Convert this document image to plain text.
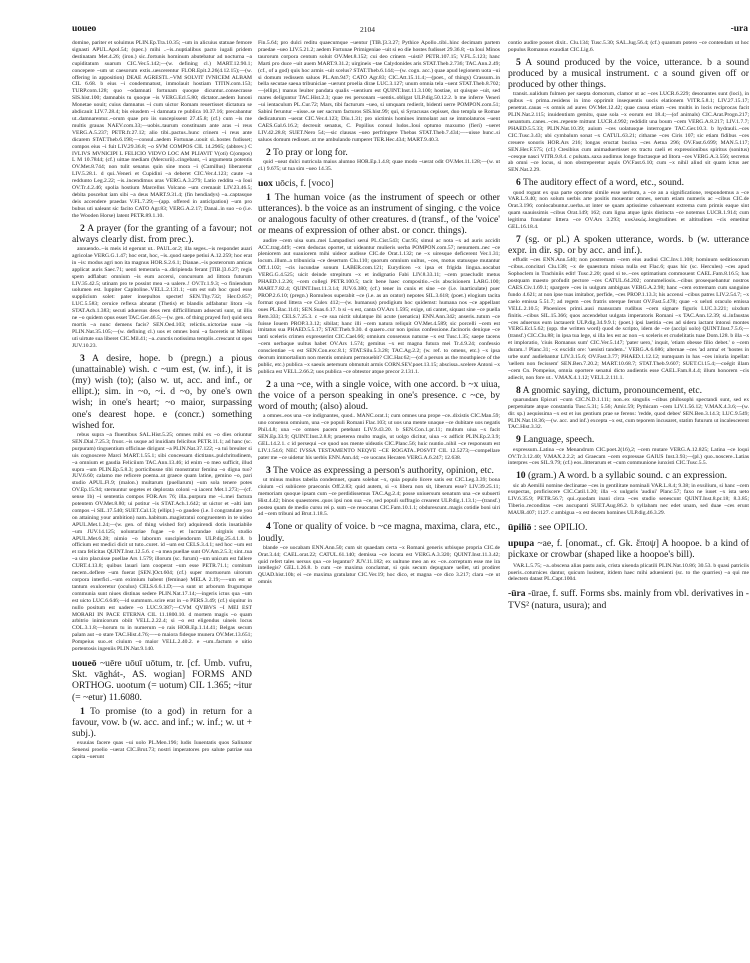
uoueo	2104	-ura

domine, pariter et soluimus PLIN.Ep.Tra.10.35; ~um in alicuius statuae femore signasti APUL.Apol.54; (spec.) mihi ..~is..nuptialibus pacto iugali pridem destinatam Met.4.26; (iron.) sic..fortunis hominum abutebatur ad nocturna ~a cupiditatum suarum CIC.Ver.5.142;—(w. defining cl.) MART.12.90.1; concepere ~um ut caesorum extis..uescerentur FLOR.Epit.2.26(4.12.15);—(w. offering in apposition) DEAE AGRESTI..~VM SOLVIT IVNICEM ALBAM CIL 6.68. b eius ~i condemnatust, immolauit hostiam TITIN.com.153; TURP.com.128; quo ~odamnati fortunam quoque dicuntur..consecrasse SIS.hist.100; damnabis tu quoque ~is VERG.Ecl.5.80; dictator..aedem Iunoni Monetae uouit; cuius damnatus ~i cum uictor Romam reuertisset dictatura se abdicauit LIV.7.28.4; bis eiusdem ~i damnata re publica 10.37.16; precabantur ut..damnarentur..~orum quae pro iis suscepissent 27.45.8; (cf.) cum ~is me multis grauas NAEV.com.33;—uobis..taurum constituam ante aras ~i reus VERG.A.5.237; PETR.fr.27.12; alio tibi..pactus..hunc crinem ~i reus ante dicarem STAT.Theb.6.198;—consul..aedem Fortunae..uouit si..hostes fudisset; compos eius ~i fuit LIV.29.36.8; ~o SVM COMPOS CIL 14.2965; (abbrev.) C IVLIVS MVNICIPI L FELICIO VIDVO LOC AM PLIAVIT V(oti) C(ompos) L M 10.7844; (cf.) uittae mediam (Mercurii)..cingebant, ~i argumenta potentis OV.Met.8.744; non tulit senatus quin sine mora ~i (Camillus) liberaretur LIV.5.28.1. d qui..Veneri et Cupidini ~a deberet CIC.Ver.4.123; caute ~a reddunto Leg.2.22; ~is..incendimus aras VERG.A.3.279; Latio reddita ~a Ioui OV.Tr.4.2.46; spolia hostium Marcellus Volcano ~um cremauit LIV.23.46.5; debita poscebat iam sibi ~a deus MART.9.31.4; (fin hendiadys) ~a..captasque deis accendere praedas V.FL.7.29;—(app. offered in anticipation) ~um pro bubus uti ualeant sic facito CATO Agr.83; VERG.A.2.17; Danai..in suo ~o (i.e. the Wooden Horse) latent PETR.89.1.10.

2 A prayer (for the granting of a favour; not always clearly dist. from prec.).

annuendo..~is meis id egerunt ut.. PAUL.or.2; illa seges..~is respondet auari agricolae VERG.G.1.47; hoc erat, hoc, ~is..quod saepe petiui A.12.259; hoc erat in ~is: modus agri non ita magnus HOR.S.2.6.1; Dianae..~is posterorum amicas applicat auris Saec.71; uenti temeraria ~a..diripienda ferant [TIB.]3.6.27; regis spem adflabat: omnium ~is eum accersi, concursum ad littora futurum LIV.35.42.5; utinam pro te possint mea ~a ualere..! OV.Tr.1.9.3; ~o finiendum uolumen est. Iuppiter Capitoline..VELL.2.131.1; ~um est sub hoc quod esse supplicium solet: pater insepultos spectet! SEN.Thy.732; Her.O.857; LUC.5.583; ceruice reflexa abnatat (Thetis) et blandis adfabatur litora ~is STAT.Ach.1.383; secuti aduersus deos rem difficillimam adsecuti sunt, ut illis ne ~o quidem opus esset TAC.Ger.46.5;—(w. gen. of thing prayed for) quid sera mortis ~a nunc demens facis? SEN.Oed.103; relictis..uictoriae suae ~is PLIN.Nat.35.105;—(w. defining cl.) uos et omnes boni ~a faceretis ut Miloni uti uirtute sua liberet CIC.Mil.41; ~a..cunctis notissima templis..crescant ut opes JUV.10.23.

3 A desire, hope. b (pregn.) a pious (unattainable) wish. c ~um est, (w. inf.), it is (my) wish (to); (also w. ut, acc. and inf., or ellipt.); sim. in ~o, ~i. d ~o, by one's own wish; in one's heart; ~o maior, surpassing one's dearest hope. e (concr.) something wished for.

rebus supra ~a fluentibus SAL.Hist.5.25; omnes mihi ex ~o dies oriuntur SEN.Dial.7.25.3; fruor..~is usque ad inuidiam felicibus PETR.11.1; ad hanc (sc. purpuram) tinguentium officinae dirigunt ~a PLIN.Nat.37.122; ~a tui breuiter si uis cognoscere Marci MART.1.55.1; sibi concessam dictitans..pulchritudinem, ~a omnium et gaudia Feliciium TAC.Ann.13.46; id enim ~o meo sufficit, illud supra ~um PLIN.Ep.5.8.3; porticibusne tibi monstratur femina ~o digna tuo? JUV.6.60; calamo me reficere poema..ut graece quam latine, gemino ~o, pari studio APUL.Fl.9; (malon.) multarum (puellarum) ~um sola tenere potes OV.Ep.15.94; sternuntur segetes et deplorata coloni ~a iacent Met.1.273;—(cf. sense 1b) ~i sententia compos FOR.Ars 76; illa..purpura me ~i..mei factura potentem OV.Met.8.80; ui potitur ~is STAT.Ach.1.642; ut uictor et ~alti iam compos ~i SIL.17.540; SUET.Cal.13; (ellipt.) ~o gaudeo (i.e. I congratulate you on attaining your ambition) nam..habitum..magistratui congruentem in te uideo APUL.Met.1.24;—(w. gen. of thing wished for) adquirendi dotis insatiabile ~um JUV.14.125; uoluntariae fugae ~o et lucrandae uirginis studio APUL.Met.6.28; nimio ~o laborum suscipiendorum ULP.dig.25.4.1.8. b officium est medici dicit ut tuto..curet. id ~um est CELS.3.4.1; sed hoc ~um est et rara felicitas QUINT.Inst.12.5.6. c ~a mea puellae sunt OV.Am.2.5.3; sint..tua ~a uiro placuisse puellae Ars 1.579; illorum (sc. furum) ~um unicum est fallere CURT.4.13.8; quibus lauari iam cooperat ~um esse PETR.71.1; comitum necem..deflere ~um fuerat [SEN.]Oct.604; (cf.) super mortuorum uirorum corpora interfici..~um eximium habent (feminae) MELA 2.19;—~um est ut tantum exulceretur (oculus) CELS.6.6.1.D;—~a sunt ut arborum frugumque communia sunt niues distinas sedere PLIN.Nat.17.14;—ingeris ictus qua ~um est uicto LUC.6.646;—id summum..scire erat in ~o PERS.3.49; (cf.) siquitur in nullo positum est uadere ~o LUC.9.387;—CVM QVIBVS ~I MEI EST MORARI IN PACE ETERNA CIL 11.1800.10. d mortem magis ~o quam arbitrio inimicorum obiit VELL.2.22.4; si ~o est eligendus uineis locus COL.3.1.8;—horum tu in numerum ~o rais HOR.Ep.1.14.41; Belgas secum palam aut ~o stare TAC.Hist.4.76;—~o maiora fideque munera OV.Met.13.651; Pompeius suo..et ciuium ~o maior VELL.2.40.2. e ~um..factum e uitio portentosis ingeniis PLIN.Nat.9.140.

uoueō ~uēre uōuī uōtum, tr. [cf. Umb. vufru, Skt. vāghát-, AS. wogian] FORMS AND ORTHOG. uootum (= uotum) CIL 1.365; ~itur (= ~etur) 11.6080.

1 To promise (to a god) in return for a favour, vow. b (w. acc. and inf.; w. inf.; w. ut + subj.).

exuuias facere quas ~ui uolo PL.Men.196; ludis Iuuentatis quos Salinator Senensi proelio ~uerat CIC.Brut.73; nostri imperatores pro salute patriae sua capita ~uerunt

Fin.5.64; pro dulci reditu quaecumque ~uentur [TIB.]3.3.27; Pythice Apollo..tibi..hinc decimam partem praedae ~ueo LIV.5.21.2; aedem Fortunae Primigeniae ~uit si eo die hostes fudisset 29.36.8; ~ta Ioui Minos taurorum corpora centum soluit OV.Met.8.152; cui deo crinem ~uisti? PETR.107.15; V.FL.5.123; hanc Marti pro duce ~uit auem MART.9.31.2; uirgineis ~tae Calydonides aris STAT.Theb.2.736; TAC.Ann.2.49; (cf., of a god) quis hoc armis ~uit scelus? STAT.Theb.6.144;—(w. cogn. acc.) quae apud legionem uota ~ui si domum redissem saluos PL.Am.947; CATO Agr.83; CIC.Att.15.11.4;—(poet., of things) Crassum..in bella secutae saeua tribuniciae ~uerunt proelia dirae LUC.3.127; unum omnia tela ~uent STAT.Theb.8.702;—(ellipt.) manus leuiter pandata qualis ~uentium est QUINT.Inst.11.3.100; hostiae, ut quisque ~uit, sed mares deliguntur TAC.Hist.2.3; quae res personam ~uentis..obligat ULP.dig.50.12.2. b me inferre Veneri ~ui ientaculum PL.Cur.72; Mars, tibi facturum ~ueo, si umquam redierit, bidenti uerre POMPON.com.51; Sabini feruntur ~uisse..se uer sacrum facturos SIS.hist.99; qui, si Syracusas cepisset, duo templa se Romae dedicaturum ~uerat CIC.Ver.4.123; Diu.1.31; pro uictimis homines immolant aut se immolaturos ~uent CAES.Gal.6.16.2; decreuit senatus, C. Popilius consul ludos..Ioui optumo maxumo (fieri) ~ueret LIV.42.28.8; SUET.Nero 54;—sic clausas ~ueo perfringere Thebas STAT.Theb.7.434;—~uisse hunc..si saluos domum redisset..ut me ambulando rumperet TER.Hec.434; MART.9.40.3.

2 To pray or long for.

quid ~ueat dulci nutricula maius alumno HOR.Ep.1.4.8; quae modo ~uerat odit OV.Met.11.128;—(w. ut cl.) 9.675; ut tua sim ~ueo 14.35.

uox uōcis, f. [voco]

1 The human voice (as the instrument of speech or other utterances). b the voice as an instrument of singing. c the voice or analogous faculty of other creatures. d (transf., of the 'voice' or means of expression of other abst. or concr. things).

audire ~cem uisa sum..mei Lampadisci serui PL.Cist.543; Cur.95; simul ac nota ~x ad auris accidit ACC.trag.449; ~cem deducas oportet, ut uideantur mulieris uerba POMPON.com.57; nenumem..nec ~ce pleniorem aut suauiorem mihi uideor audisse CIC.de Orat.1.132; ne ~x uiresque deficerent Ver.1.31; locum..illum..a tribunicia ~ce desertum Clu.110; quorum omnium uultus, ~ces, motus statusque mutantur Off.1.102; ~cis iucundae sonum LABER.com.121; Eurydicen ~x ipsa et frigida lingua..uocabat VERG.G.4.525; uicit deinde strepitum ~x et indignatio Fabi LIV.8.33.11; ~cem praecludit metus PHAED.1.2.26; ~cem collegi PETR.100.5; tacit bene haec compositio..~cis abscisionem LARG.100; MART.7.82.4; QUINT.Inst.11.3.14; JUV.6.380; (cf.) tener in cunis et sine ~ce (i.e. inarticulate) puer PROP.2.6.10; (pregn.) Romuleos superabit ~ce (i.e. as an orator) nepotes SIL.3.618; (poet.) elogium tacita format quod littera ~ce Culex 412;—(w. humanus) prodigium hoc quidemst: humana nos ~ce appellant oues PL.Bac.1141; SEN.Suas.6.17. b si ~x est, canta OV.Ars 1.595; exige, uti cantet, siquast sine ~ce puella Rem.333; CELS.7.25.3. c ~ce sua nictit ululatque ibi acute (uenatica) ENN.Ann.342; anseris..tutum ~ce fuisse Iouem PROP.3.3.12; sibilat; hanc illi ~cem natura reliquit OV.Met.4.589; sic porcelli ~cem est imitatus sua PHAED.5.5.17; STAT.Theb.9.30. d quaero..cur non ipsius confessione..facinoris denique ~ce tanti sceleris crimen expresserint CIC.Cael.66; omnium consensus naturae ~x est Tusc.1.35; saepe tacens ~cem uerbaque uultus habet OV.Ars 1.574; gemitus ~x est magna futura mei Tr.4.9.24; confessio conscientiae ~x est SEN.Con.exc.8.1; STAT.Silu.5.3.28; TAC.Ag.2.2; (w. ref. to omens, etc.) ~x ipsa deorum immortalium non mentis omnium permouebit? CIC.Har.62;—(of a person as the mouthpiece of the public, etc.) publica ~x saeuis aeternum obmutuit armis CORN.SEV.poet.13.15; abscissa..scelere Antoni ~x publica est VELL.2.66.2; uos publica ~ce obtestor atque precor 2.131.1.

2 a una ~ce, with a single voice, with one accord. b ~x uiua, the voice of a person speaking in one's presence. c ~ce, by word of mouth; (also) aloud.

a omnes..eos una ~ce indignantes, quod.. MANC.orat.1; cum omnes una prope ~ce..dixistis CIC.Man.59; uno consensu omnium, una ~ce populi Romani Flac.103; ut uos una mente unaque ~ce dubitare uos negatis Phil.4.8; una ~ce omnes pacem petebant LIV.9.43.20. b SEN.Con.1.pr.11; multum uiua ~x facit SEN.Ep.33.9; QUINT.Inst.2.8.8; praeterea multo magis, ut uolgo dicitur, uiua ~x adficit PLIN.Ep.2.3.9; GEL.14.2.1. c id persequi ~ce quod uos mente uideatis CIC.Planc.56; huic nuntio..nihil ~ce responsum est LIV.1.54.6; NEC IVSSA TESTAMENTO NEQVE ~CE ROGATA..POSVIT CIL 12.5273;—compellare pater me ~ce uidetur his uerbis ENN.Ann.44; ~ce uocans Hecaten VERG.A.6.247; 12.638.

3 The voice as expressing a person's authority, opinion, etc.

ut minus multos tabella condemnet, quam solebat ~x, quia populo licere satis est CIC.Leg.3.39; bona ciuium ~ci subiicere praeconis Off.2.83; quid autem, si ~x libera non sit, liberum esse? LIV.39.25.11; memoriam quoque ipsam cum ~ce perdidissemus TAC.Ag.2.4; posse uniuersum senatum una ~ce subuerti Hist.4.42; binos quaestores..quos ipsi non sua ~ce, sed populi suffragio crearent ULP.dig.1.13.1;—(transf.) postea quam de medio cursu rei p. sum ~ce reuocatus CIC.Fam.10.1.1; obdurescunt..magis cotidie boni uiri ad ~cem tribuni ad Brut.1.18.5.

4 Tone or quality of voice. b ~ce magna, maxima, clara, etc., loudly.

blande ~ce uocabam ENN.Ann.50; cum sit quaedam certa ~x Romani generis urbisque propria CIC.de Orat.3.44; CAEL.orat.22; CATUL.61.140; demissa ~ce locuta est VERG.A.3.320; QUINT.Inst.11.3.42; quid refert tales uersus qua ~ce legantur? JUV.11.182; ex uultune meo an ex ~ce..correptum esse me ira intellegis? GEL.1.26.8. b cum ~ce maxima conclamat, si quis secum depugnare uellet, uti prodiret QUAD.hist.10b; ei ~ce maxima gratulatur CIC.Ver.19; hoc dico, et magna ~ce dico 3.217; clara ~ce ut omnis

contio audire posset dixit.. Clu.134; Tusc.5.30; SAL.Jug.56.4; (cf.) quantum potero ~ce contendam ut hoc populus Romanus exaudiat CIC.Lig.6.

5 A sound produced by the voice, utterance. b a sound produced by a musical instrument. c a sound given off or produced by other things.

transit..ualidum fulmen per saepta domorum, clamor ut ac ~ces LUCR.6.229; desonantes sunt (loci), in quibus ~x prima..residens in imo opprimit insequentis uocis elationem VITR.5.8.1; LIV.27.15.17; penetrat..cauas ~x omnis ad aures OV.Met.12.42; quae causa etiam ~ces multis in locis reciprocas facit PLIN.Nat.2.115; inuidentium gemitu, quae sola ~x eorum est 18.4;—(of animals) CIC.Arat.Progn.217; uenantum..canes..~ces..repente mittunt LUCR.4.992; reddidit una boum ~cem VERG.A.8.217; LIV.1.7.7; PHAED.5.5.33; PLIN.Nat.10.39; auium ~ces uolatusque interrogare TAC.Ger.10.3. b hydrauli..~ces CIC.Tusc.3.43; ubi cymbalum sonat ~x CATUL.63.21; citharae ~ces Ciris 107; sic etiam fidibus ~ces creuere sonoris HOR.Ars 216; longas eructat bucina ~ces Aetna 296; OV.Fast.6.699; MAN.5.117; SEN.Her.F.575; (cf.) Ctesibius cum animaduertisset ex tractu caeli et expressionibus spiritus (sonitus) ~cesque nasci VITR.9.8.4. c pulsata..saxa audimus longe fractasque ad litora ~ces VERG.A.3.556; secretus ab omni ~ce locus, si non obstreperetur aquis OV.Fast.6.10; cum ~x nihil aliud sit quam ictus aer SEN.Nat.2.29.

6 The auditory effect of a word, etc., sound.

quod rogant ex qua parte oporteat simile esse uerbum, a ~ce an a significatione, respondemus a ~ce VAR.L.9.40; non solum uerbis arte positis mouentur omnes, uerum etiam numeris ac ~cibus CIC.de Orat.3.196; conlocabuntur..uerba..ut inter se quam aptissime cohaereant extrema cum primis eaque sint quam suauissimis ~cibus Orat.149; 162; cum ligna atque ignis distincta ~ce notemus LUCR.1.914; cum legitima fraudatur littera ~ce OV.Ars 3.293; κυκλικώς..longitudines et altitudines ~cis emetitur GEL.16.18.4.

7 (sg. or pl.) A spoken utterance, words. b (w. utterance expr. in dir. sp. or by acc. and inf.).

effudit ~ces ENN.Ann.540; non postremam ~cem eius audiui CIC.Inv.1.108; hominum seditiosorum ~cibus..concitari Clu.138; ~x de quaestura missa nulla est Flac.6; quas hic (sc. Hercules) ~ces apud Sophoclem in Trachiniis edit! Tusc.2.20; quod si te..~ces optimatium commouent CAEL.Fam.8.16.5; has postquam maesto profudit pectore ~ces CATUL.64.202; contumeliosis..~cibus prosequebantur nostros CAES.Civ.1.69.1; spargere ~ces in uulgum ambiguas VERG.A.2.98; hanc ~cem extremam cum sanguine fundo 4.621; at non ipse tuas imitabor, perfide, ~ces PROP.1.13.3; his accensi ~cibus patres LIV.2.54.7; ~x caelo emissa 5.51.7; ad regem ~ces fratris uterque ferunt OV.Fast.5.478; quae ~x ueluti oraculo emissa VELL.2.10.5; Phoenices primi..ausi mansuram rudibus ~cem signare figuris LUC.3.221; uixdum finitis..~cibus SIL.15.366; quos accendebat uulgata imperatoris Romani ~x TAC.Ann.12.39; si..infaustas ~ces aduersus eum iactauerit ULP.dig.34.9.9.1; (poet.) ipsi laetitia ~ces ad sidera iactant intonsi montes VERG.Ecl.5.62; (opp. the written word) quod de scripto, idem de ~ce (accipi uolo) QUINT.Inst.7.5.6;—(transf.) CIC.Clu.88; in ipsa tua lege, si illa lex est ac non ~x sceleris et crudelitatis tuae Dom.128. b illa ~x et imploratio, 'ciuis Romanus sum' CIC.Ver.5.147; 'pater uero,' inquit, 'etiam obesse filio debet.' o ~cem duram..! Planc.31; ~x excidit ore: 'uenisti tandem..' VERG.A.6.686; alternae ~ces 'ad arma' et 'hostes in urbe sunt' audiebantur LIV.3.15.6; OV.Fast.3.77; PHAED.1.12.12; numquam in has ~ces iniuria inpellat: 'uellem non fecissem' SEN.Ben.7.20.2; MART.10.68.7; STAT.Theb.9.607; SUET.Cl.15.4;—coëgit illam ~cem Cn. Pompeius, omnia oportere senatui dicto audientis esse CAEL.Fam.8.4.4; illum honorem ~cis adiecit, non fore ut.. V.MAX.4.1.12; VELL.2.111.1.

8 A gnomic saying, dictum, pronouncement, etc.

quarundam Epicuri ~cum CIC.N.D.1.111; non..ex singulis ~cibus philosophi spectandi sunt, sed ex perpetuitate atque constantia Tusc.5.31; 5.56; Amic.59; Pythicam ~cem LIV.1.56.12; V.MAX.4.3.6;—(w. dir. sp.) aequissima ~x est et ius gentium prae se ferens: 'redde, quod debes' SEN.Ben.3.14.3; LUC.9.549; PLIN.Nat.18.36;—(w. acc. and inf.) excepta ~x est, cum teporem incusaret, statim futurum ut incalescerent TAC.Hist.3.32.

9 Language, speech.

expressum..Latina ~ce Menandrum CIC.poet.2(16),2; ~cem mutare VERG.A.12.825; Latina ~ce loqui OV.Tr.3.12.40; V.MAX.2.2.2; ad Graecam ~cem expressae GAIUS Inst.3.93;—(pl.) quo..noscere..Latias interpres ~ces SIL.9.79; (cf.) eos..litterarum et ~cum communione iunxisti CIC.Tusc.5.5.

10 (gram.) A word. b a syllabic sound. c an expression.

sic ab Aemilii nomine declinatae ~ces in gentilitate nominali VAR.L.8.4; 9.38; in exsilium, si hanc ~cem exspectas, proficiscere CIC.Catil.1.20; illa ~x uulgaris 'audiui' Planc.57; faxo ne iuuet ~x ista ueto LIV.6.35.9; PETR.56.7; qui..quodam inani circa ~ces studio senescunt QUINT.Inst.8.pr.18; 8.3.85; Tiberio..reconditas ~ces aucupanti SUET.Aug.86.2. b syllabam nec edet unam, sed duae ~ces erunt MAUR.407; 1127. c ambigua ~x est decem homines ULP.dig.46.3.29.

ūpiliō : see OPILIO.

upupa ~ae, f. [onomat., cf. Gk. ἔποψ] A hoopoe. b a kind of pickaxe or crowbar (shaped like a hoopoe's bill).

VAR.L.5.75; ~a..obscena alias pastu auis, crista uisenda plicatili PLIN.Nat.10.86; 30.53. b quasi patriciis pueris..coturnices dantur, quicum lusitent, itidem haec mihi aduenienti (sc. to the quarries) ~a qui me delectem datast PL.Capt.1004.

-ūra -ūrae, f. suff. Forms sbs. mainly from vbl. derivatives in -TVS² (natura, usura); and
